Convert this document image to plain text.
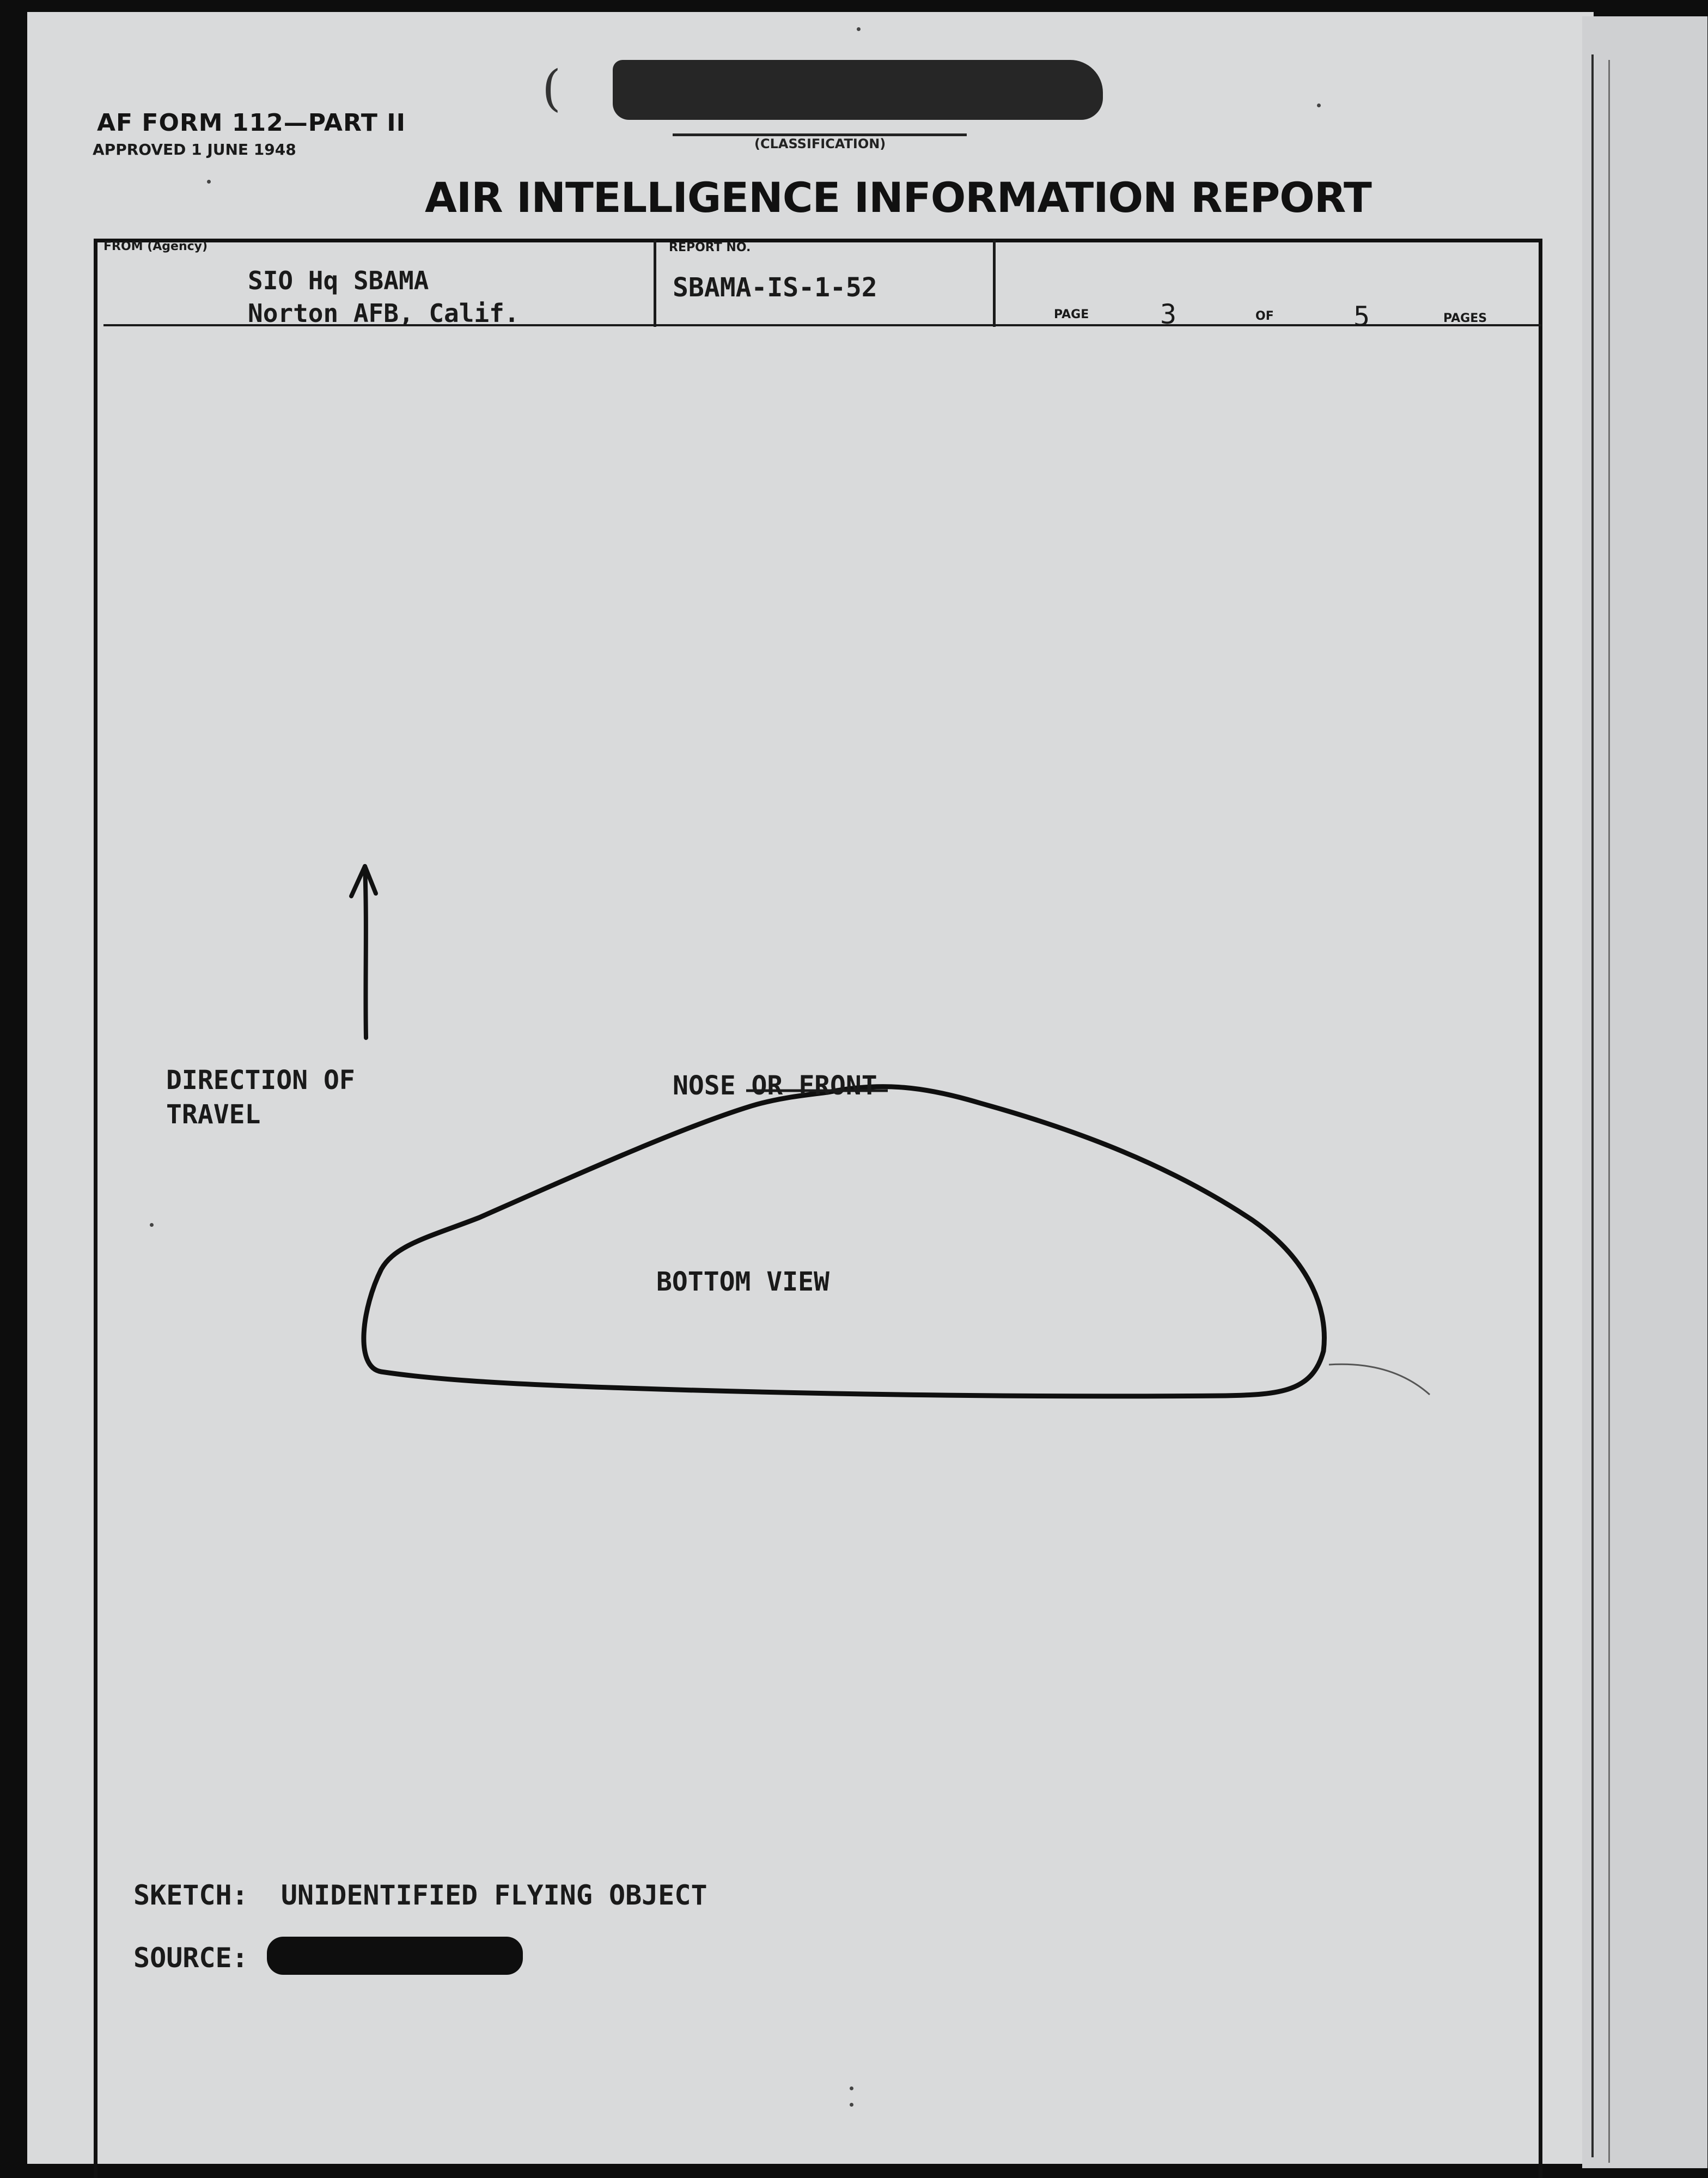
AF FORM 112—PART II
APPROVED 1 JUNE 1948
(
(CLASSIFICATION)
AIR INTELLIGENCE INFORMATION REPORT
FROM (Agency)
SIO Hq SBAMA
Norton AFB, Calif.
REPORT NO.
SBAMA-IS-1-52
PAGE	3	OF	5	PAGES
DIRECTION OF
TRAVEL
NOSE OR FRONT
BOTTOM VIEW
SKETCH:  UNIDENTIFIED FLYING OBJECT
SOURCE:
